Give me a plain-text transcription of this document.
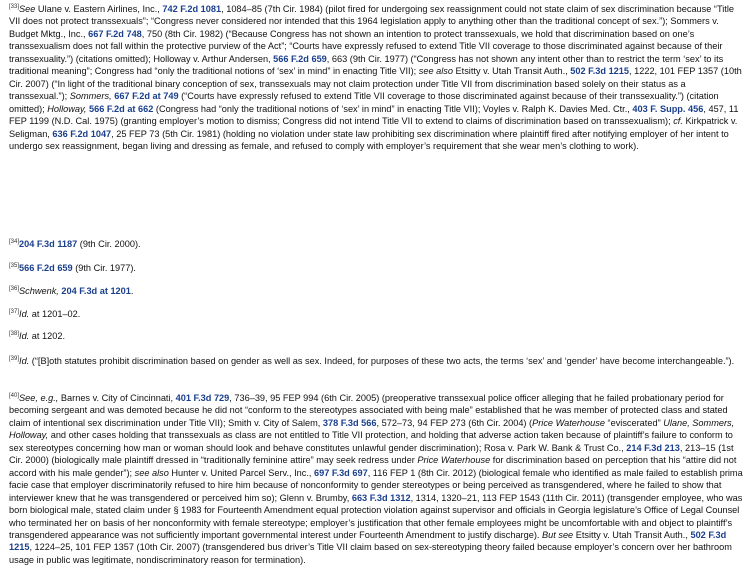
[33]See Ulane v. Eastern Airlines, Inc., 742 F.2d 1081, 1084–85 (7th Cir. 1984) (pilot fired for undergoing sex reassignment could not state claim of sex discrimination because “Title VII does not protect transsexuals”; “Congress never considered nor intended that this 1964 legislation apply to anything other than the traditional concept of sex.”); Sommers v. Budget Mktg., Inc., 667 F.2d 748, 750 (8th Cir. 1982) (“Because Congress has not shown an intention to protect transsexuals, we hold that discrimination based on one’s transsexualism does not fall within the protective purview of the Act”; “Courts have expressly refused to extend Title VII coverage to those discriminated against because of their transsexuality.”) (citations omitted); Holloway v. Arthur Andersen, 566 F.2d 659, 663 (9th Cir. 1977) (“Congress has not shown any intent other than to restrict the term ‘sex’ to its traditional meaning”; Congress had “only the traditional notions of ‘sex’ in mind” in enacting Title VII); see also Etsitty v. Utah Transit Auth., 502 F.3d 1215, 1222, 101 FEP 1357 (10th Cir. 2007) (“In light of the traditional binary conception of sex, transsexuals may not claim protection under Title VII from discrimination based solely on their status as a transsexual.”); Sommers, 667 F.2d at 749 (“Courts have expressly refused to extend Title VII coverage to those discriminated against because of their transsexuality.”) (citation omitted); Holloway, 566 F.2d at 662 (Congress had “only the traditional notions of ‘sex’ in mind” in enacting Title VII); Voyles v. Ralph K. Davies Med. Ctr., 403 F. Supp. 456, 457, 11 FEP 1199 (N.D. Cal. 1975) (granting employer’s motion to dismiss; Congress did not intend Title VII to extend to claims of discrimination based on transsexualism); cf. Kirkpatrick v. Seligman, 636 F.2d 1047, 25 FEP 73 (5th Cir. 1981) (holding no violation under state law prohibiting sex discrimination where plaintiff fired after notifying employer of her intent to undergo sex reassignment, began living and dressing as female, and refused to comply with employer’s requirement that she wear men’s clothing to work).
[34]204 F.3d 1187 (9th Cir. 2000).
[35]566 F.2d 659 (9th Cir. 1977).
[36]Schwenk, 204 F.3d at 1201.
[37]Id. at 1201–02.
[38]Id. at 1202.
[39]Id. (“[B]oth statutes prohibit discrimination based on gender as well as sex. Indeed, for purposes of these two acts, the terms ‘sex’ and ‘gender’ have become interchangeable.”).
[40]See, e.g., Barnes v. City of Cincinnati, 401 F.3d 729, 736–39, 95 FEP 994 (6th Cir. 2005) (preoperative transsexual police officer alleging that he failed probationary period for becoming sergeant and was demoted because he did not “conform to the stereotypes associated with being male” established that he was member of protected class and stated claim of intentional sex discrimination under Title VII); Smith v. City of Salem, 378 F.3d 566, 572–73, 94 FEP 273 (6th Cir. 2004) (Price Waterhouse “eviscerated” Ulane, Sommers, Holloway, and other cases holding that transsexuals as class are not entitled to Title VII protection, and holding that adverse action taken because of plaintiff’s failure to conform to sex stereotypes concerning how man or woman should look and behave constitutes unlawful gender discrimination); Rosa v. Park W. Bank & Trust Co., 214 F.3d 213, 213–15 (1st Cir. 2000) (biologically male plaintiff dressed in “traditionally feminine attire” may seek redress under Price Waterhouse for discrimination based on perception that his “attire did not accord with his male gender”); see also Hunter v. United Parcel Serv., Inc., 697 F.3d 697, 116 FEP 1 (8th Cir. 2012) (biological female who identified as male failed to establish prima facie case that employer discriminatorily refused to hire him because of nonconformity to gender stereotypes or being perceived as transgendered, where he failed to show that interviewer knew that he was transgendered or perceived him so); Glenn v. Brumby, 663 F.3d 1312, 1314, 1320–21, 113 FEP 1543 (11th Cir. 2011) (transgender employee, who was born biological male, stated claim under § 1983 for Fourteenth Amendment equal protection violation against supervisor and officials in Georgia legislature’s Office of Legal Counsel who terminated her on basis of her nonconformity with female stereotype; employer’s justification that other female employees might be uncomfortable with and object to plaintiff’s transgendered appearance was not sufficiently important governmental interest under Fourteenth Amendment to justify discharge). But see Etsitty v. Utah Transit Auth., 502 F.3d 1215, 1224–25, 101 FEP 1357 (10th Cir. 2007) (transgendered bus driver’s Title VII claim based on sex-stereotyping theory failed because employer’s concern over her bathroom usage in public was legitimate, nondiscriminatory reason for termination).
